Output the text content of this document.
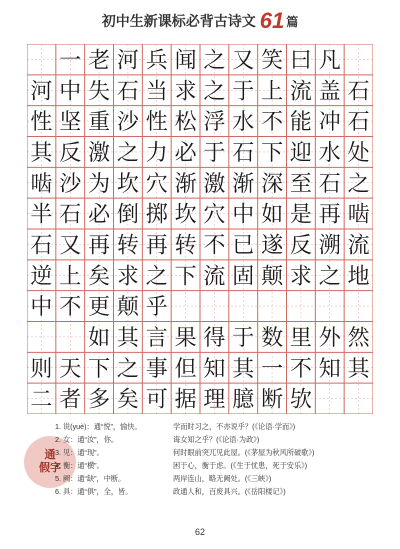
初中生新课标必背古诗文 61 篇
一 老 河 兵 闻 之 又 笑 曰 凡
河 中 失 石 当 求 之 于 上 流 盖 石
性 坚 重 沙 性 松 浮 水 不 能 冲 石
其 反 激 之 力 必 于 石 下 迎 水 处
啮 沙 为 坎 穴 渐 激 渐 深 至 石 之
半 石 必 倒 掷 坎 穴 中 如 是 再 啮
石 又 再 转 再 转 不 已 遂 反 溯 流
逆 上 矣 求 之 下 流 固 颠 求 之 地
中 不 更 颠 乎
如 其 言 果 得 于 数 里 外 然
则 天 下 之 事 但 知 其 一 不 知 其
二 者 多 矣 可 据 理 臆 断 欤
通
假字
1. 说(yuè)：通“悦”，愉快。	学而时习之，不亦说乎？(《论语·学而》)
2. 女：通“汝”，你。	诲女知之乎？(《论语·为政》)
3. 见：通“现”。	何时眼前突兀见此屋。(《茅屋为秋风所破歌》)
4. 衡：通“横”。	困于心，衡于虑。(《生于忧患，死于安乐》)
5. 阙：通“缺”，中断。	两岸连山，略无阙处。(《三峡》)
6. 具：通“俱”，全，皆。	政通人和，百废具兴。(《岳阳楼记》)
62
